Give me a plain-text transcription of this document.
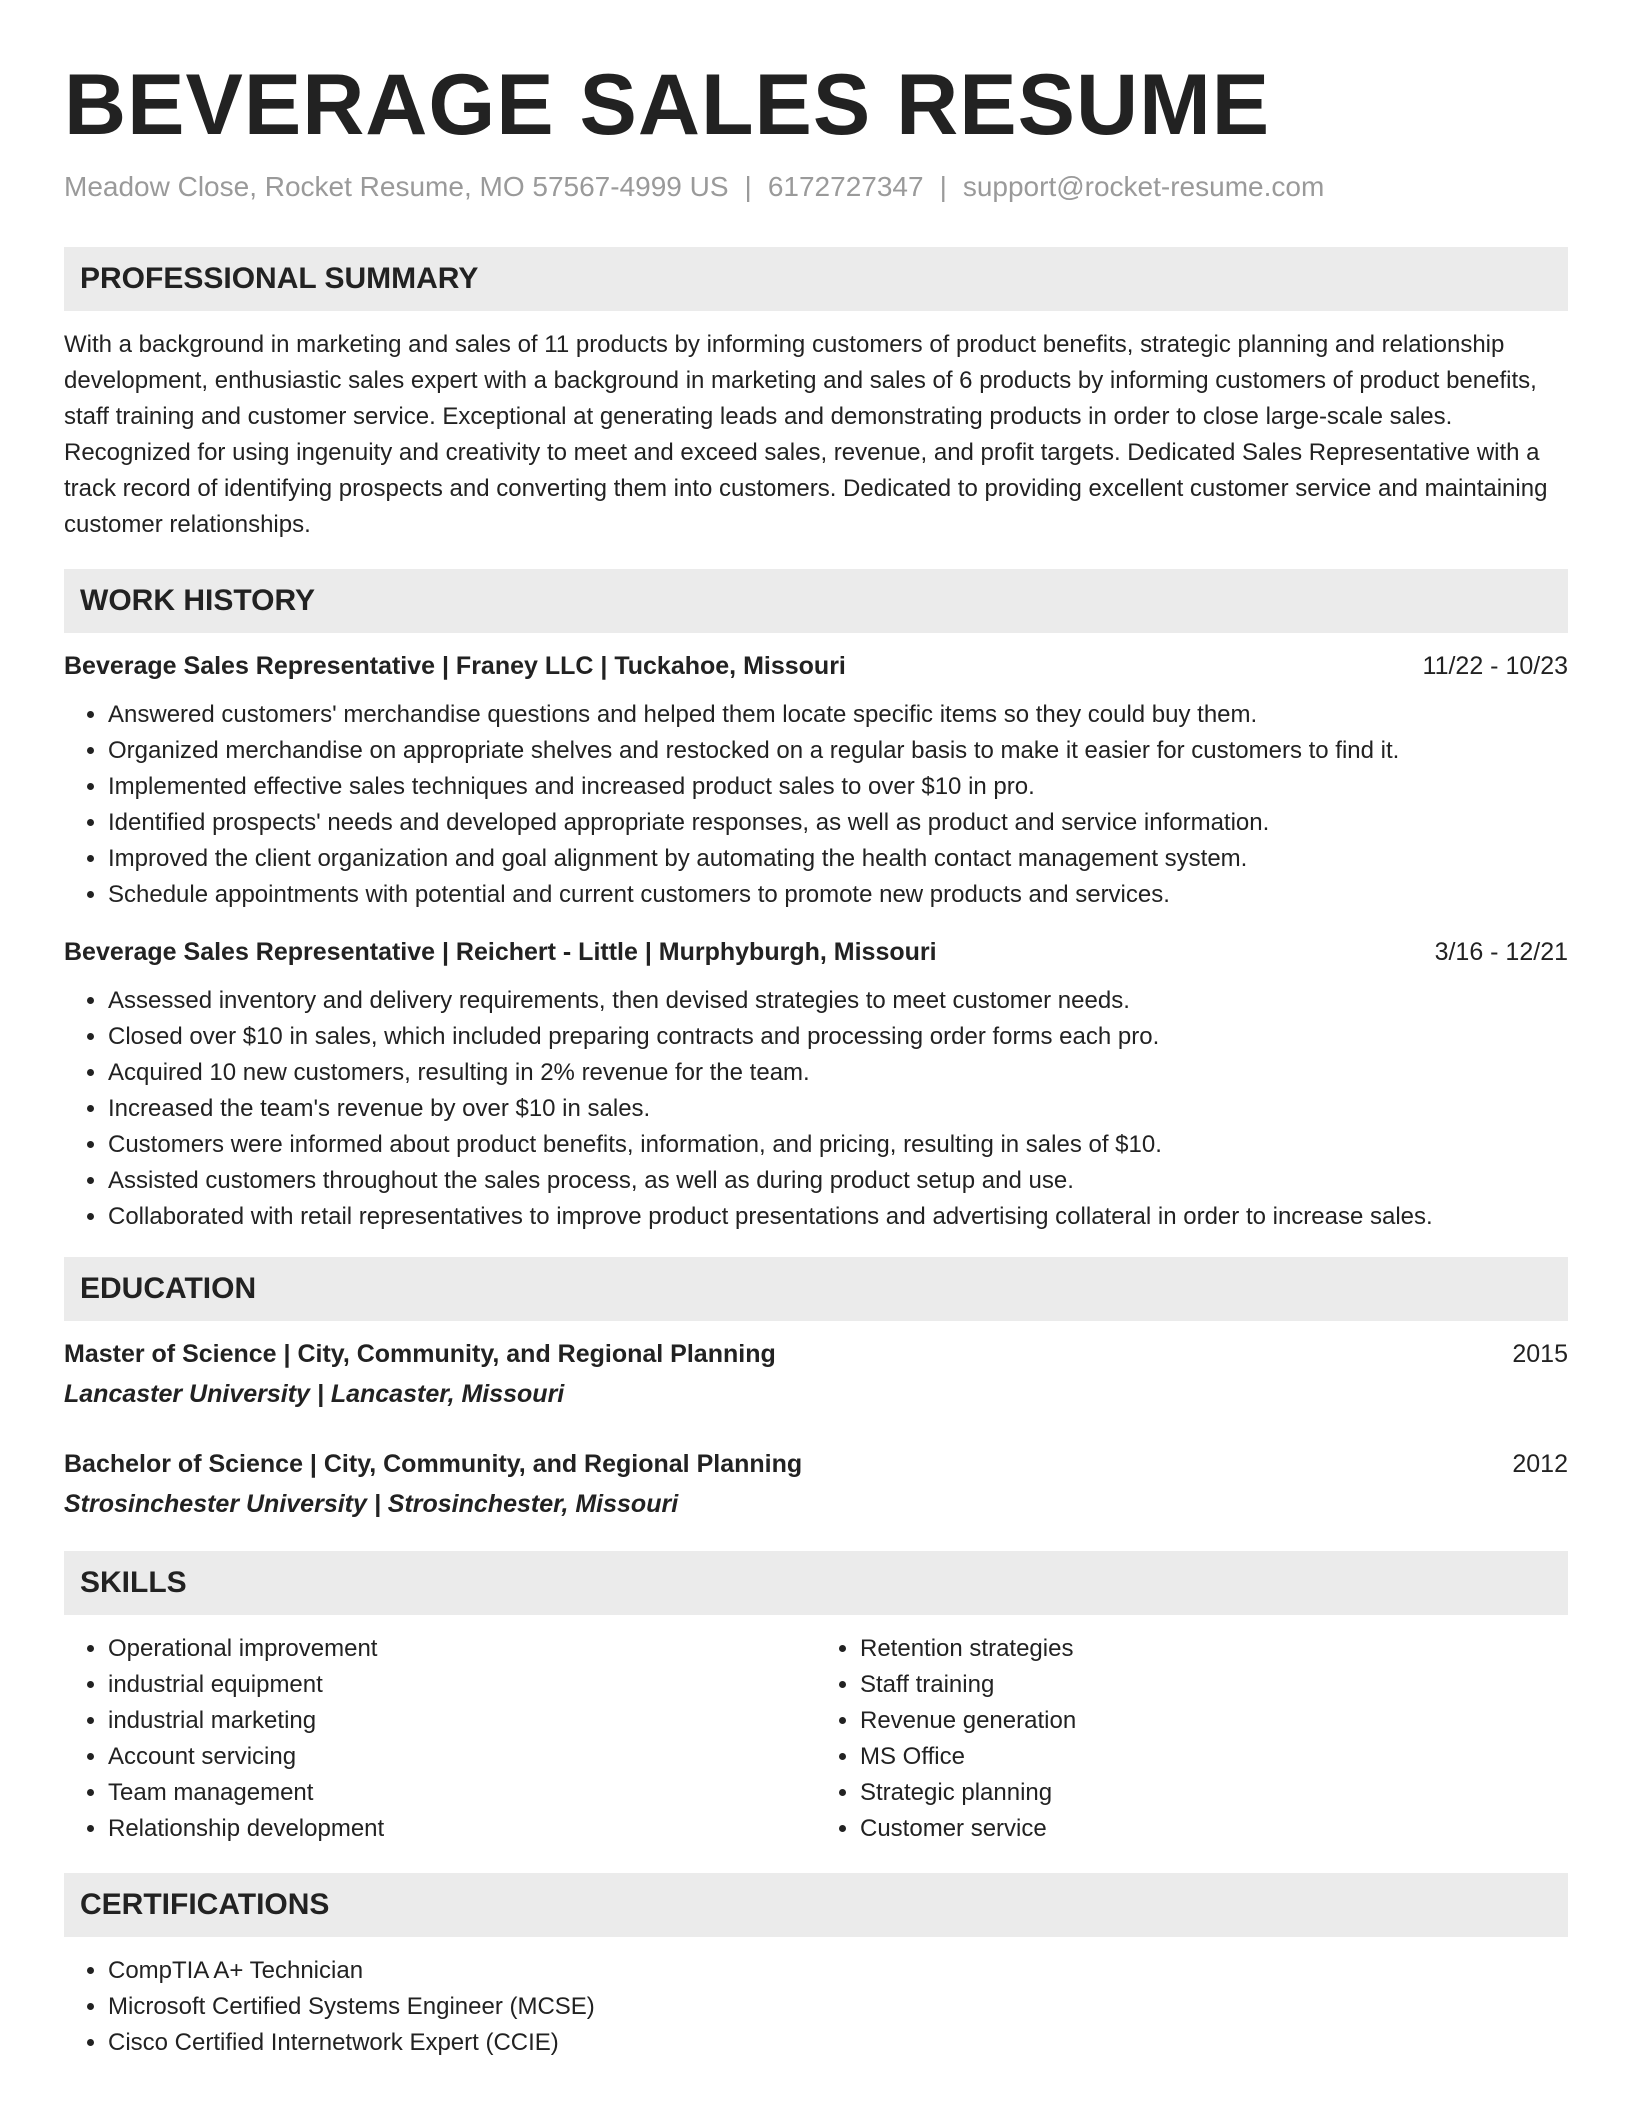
BEVERAGE SALES RESUME
Meadow Close, Rocket Resume, MO 57567-4999 US | 6172727347 | support@rocket-resume.com
PROFESSIONAL SUMMARY

With a background in marketing and sales of 11 products by informing customers of product benefits, strategic planning and relationship development, enthusiastic sales expert with a background in marketing and sales of 6 products by informing customers of product benefits, staff training and customer service. Exceptional at generating leads and demonstrating products in order to close large-scale sales. Recognized for using ingenuity and creativity to meet and exceed sales, revenue, and profit targets. Dedicated Sales Representative with a track record of identifying prospects and converting them into customers. Dedicated to providing excellent customer service and maintaining customer relationships.

WORK HISTORY
Beverage Sales Representative | Franey LLC | Tuckahoe, Missouri	11/22 - 10/23
• Answered customers' merchandise questions and helped them locate specific items so they could buy them.
• Organized merchandise on appropriate shelves and restocked on a regular basis to make it easier for customers to find it.
• Implemented effective sales techniques and increased product sales to over $10 in pro.
• Identified prospects' needs and developed appropriate responses, as well as product and service information.
• Improved the client organization and goal alignment by automating the health contact management system.
• Schedule appointments with potential and current customers to promote new products and services.
Beverage Sales Representative | Reichert - Little | Murphyburgh, Missouri	3/16 - 12/21
• Assessed inventory and delivery requirements, then devised strategies to meet customer needs.
• Closed over $10 in sales, which included preparing contracts and processing order forms each pro.
• Acquired 10 new customers, resulting in 2% revenue for the team.
• Increased the team's revenue by over $10 in sales.
• Customers were informed about product benefits, information, and pricing, resulting in sales of $10.
• Assisted customers throughout the sales process, as well as during product setup and use.
• Collaborated with retail representatives to improve product presentations and advertising collateral in order to increase sales.
EDUCATION
Master of Science | City, Community, and Regional Planning	2015
Lancaster University | Lancaster, Missouri
Bachelor of Science | City, Community, and Regional Planning	2012
Strosinchester University | Strosinchester, Missouri
SKILLS
• Operational improvement
• industrial equipment
• industrial marketing
• Account servicing
• Team management
• Relationship development
• Retention strategies
• Staff training
• Revenue generation
• MS Office
• Strategic planning
• Customer service
CERTIFICATIONS
• CompTIA A+ Technician
• Microsoft Certified Systems Engineer (MCSE)
• Cisco Certified Internetwork Expert (CCIE)
